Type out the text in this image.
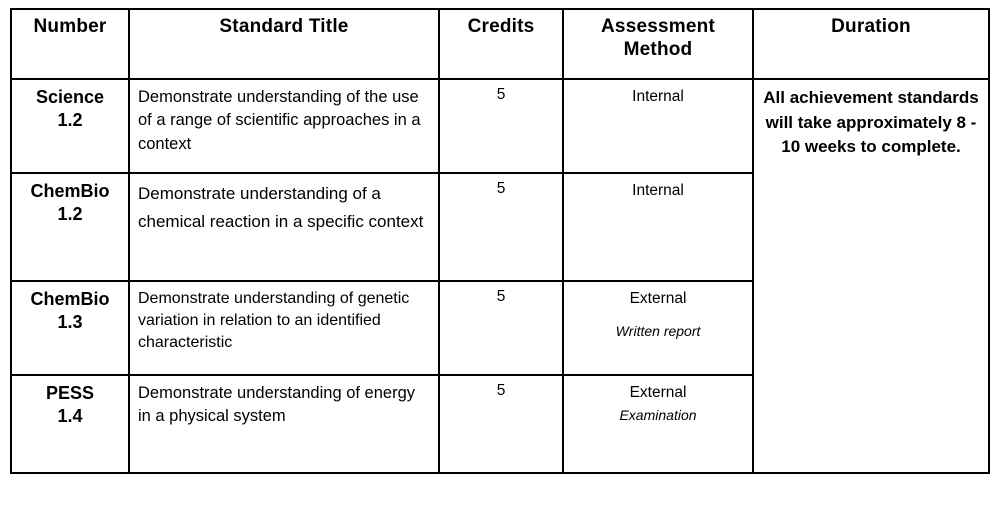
Number	Standard Title	Credits	Assessment
Method	Duration

Science
1.2	Demonstrate understanding of the use of a range of scientific approaches in a context	5	Internal	All achievement standards will take approximately 8 - 10 weeks to complete.

ChemBio
1.2	Demonstrate understanding of a chemical reaction in a specific context	5	Internal	

ChemBio
1.3	Demonstrate understanding of genetic variation in relation to an identified characteristic	5	External
Written report	

PESS
1.4	Demonstrate understanding of energy in a physical system	5	External
Examination	
